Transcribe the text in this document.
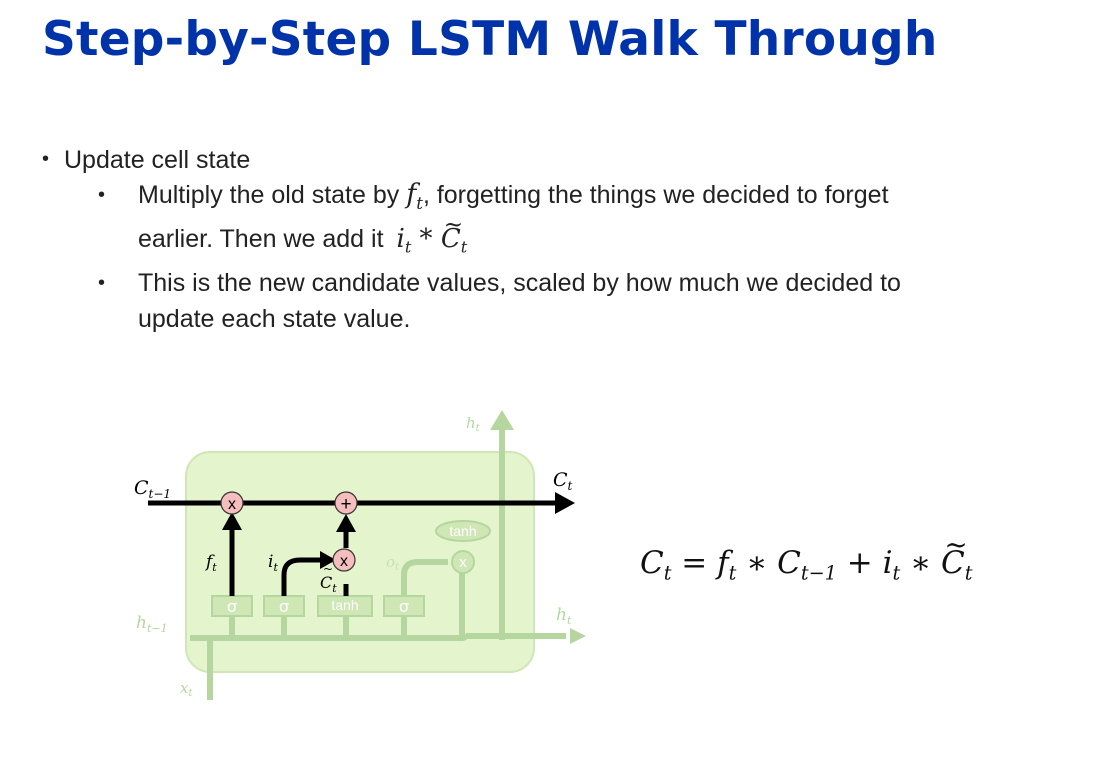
Step-by-Step LSTM Walk Through
• Update cell state
• Multiply the old state by $f_t$, forgetting the things we decided to forget
earlier. Then we add it $i_t$ * C $\sim_t$
• This is the new candidate values, scaled by how much we decided to
update each state value.
tanh
x
σ	σ	tanh	σ
x	+
x
$h_t$
$C_{t-1}$
$C_t$
$f_t$	$i_t$	$o_t$
$C_t$
~
$h_{t-1}$
$h_t$
$x_t$
$C_t = f_t$ ∗ $C_{t-1} + i_t$ ∗ C $\sim_t$
